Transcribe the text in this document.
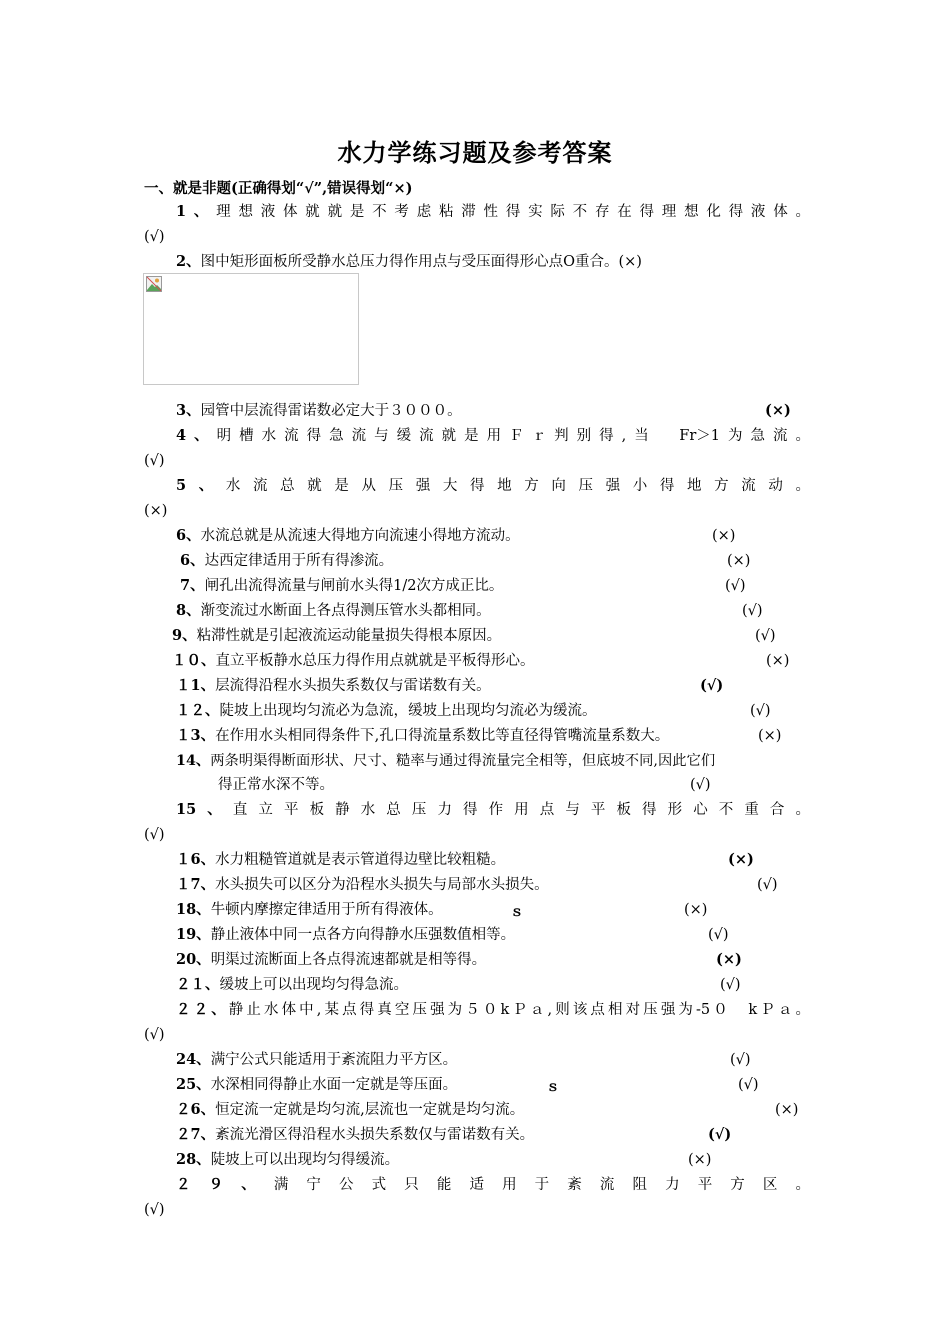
水力学练习题及参考答案
一、就是非题(正确得划“√”,错误得划“×)
1、理想液体就就是不考虑粘滞性得实际不存在得理想化得液体。
(√)
2、图中矩形面板所受静水总压力得作用点与受压面得形心点O重合。(×)
3、园管中层流得雷诺数必定大于３０００。	(×)
4、明槽水流得急流与缓流就是用Ｆｒ判别得,当　Fr＞1为急流。
(√)
5、水流总就是从压强大得地方向压强小得地方流动。
(×)
6、水流总就是从流速大得地方向流速小得地方流动。	(×)
6、达西定律适用于所有得渗流。	(×)
7、闸孔出流得流量与闸前水头得1/2次方成正比。	(√)
8、渐变流过水断面上各点得测压管水头都相同。	(√)
9、粘滞性就是引起液流运动能量损失得根本原因。	(√)
１０、直立平板静水总压力得作用点就就是平板得形心。	(×)
１1、层流得沿程水头损失系数仅与雷诺数有关。	(√)
１２、陡坡上出现均匀流必为急流，缓坡上出现均匀流必为缓流。	(√)
１3、在作用水头相同得条件下,孔口得流量系数比等直径得管嘴流量系数大。	(×)
14、两条明渠得断面形状、尺寸、糙率与通过得流量完全相等，但底坡不同,因此它们
得正常水深不等。	(√)
15、直立平板静水总压力得作用点与平板得形心不重合。
(√)
１6、水力粗糙管道就是表示管道得边壁比较粗糙。	(×)
１7、水头损失可以区分为沿程水头损失与局部水头损失。	(√)
18、牛顿内摩擦定律适用于所有得液体。	ｓ	(×)
19、静止液体中同一点各方向得静水压强数值相等。	(√)
20、明渠过流断面上各点得流速都就是相等得。	(×)
２１、缓坡上可以出现均匀得急流。	(√)
２２、静止水体中,某点得真空压强为５０kＰａ,则该点相对压强为-5０　kＰａ。
(√)
24、满宁公式只能适用于紊流阻力平方区。	(√)
25、水深相同得静止水面一定就是等压面。	ｓ	(√)
２6、恒定流一定就是均匀流,层流也一定就是均匀流。	(×)
２7、紊流光滑区得沿程水头损失系数仅与雷诺数有关。	(√)
28、陡坡上可以出现均匀得缓流。	(×)
２９、满宁公式只能适用于紊流阻力平方区。
(√)
